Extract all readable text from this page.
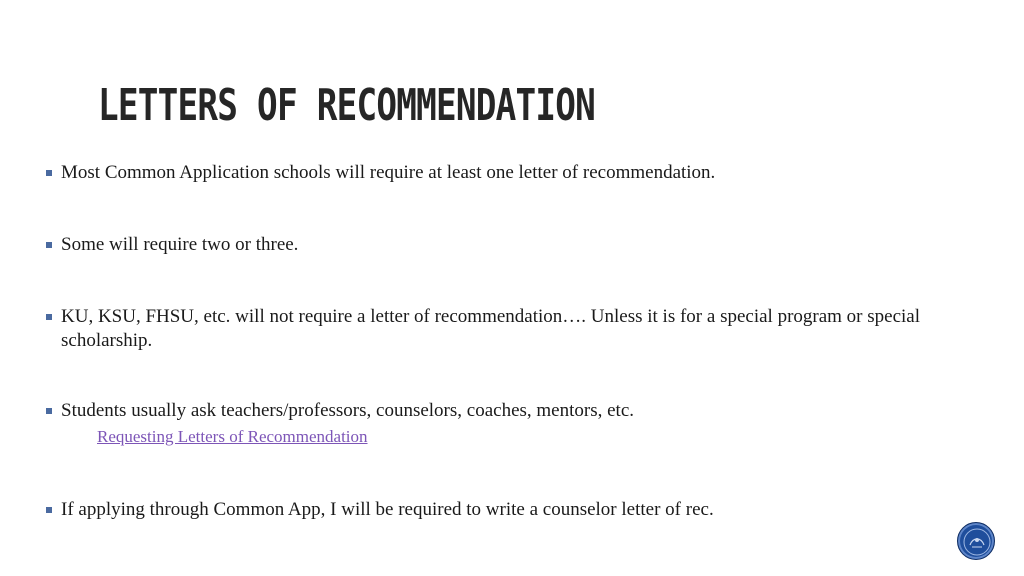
LETTERS OF RECOMMENDATION
Most Common Application schools will require at least one letter of recommendation.
Some will require two or three.
KU, KSU, FHSU, etc. will not require a letter of recommendation…. Unless it is for a special program or special scholarship.
Students usually ask teachers/professors, counselors, coaches, mentors, etc.
Requesting Letters of Recommendation
If applying through Common App, I will be required to write a counselor letter of rec.
